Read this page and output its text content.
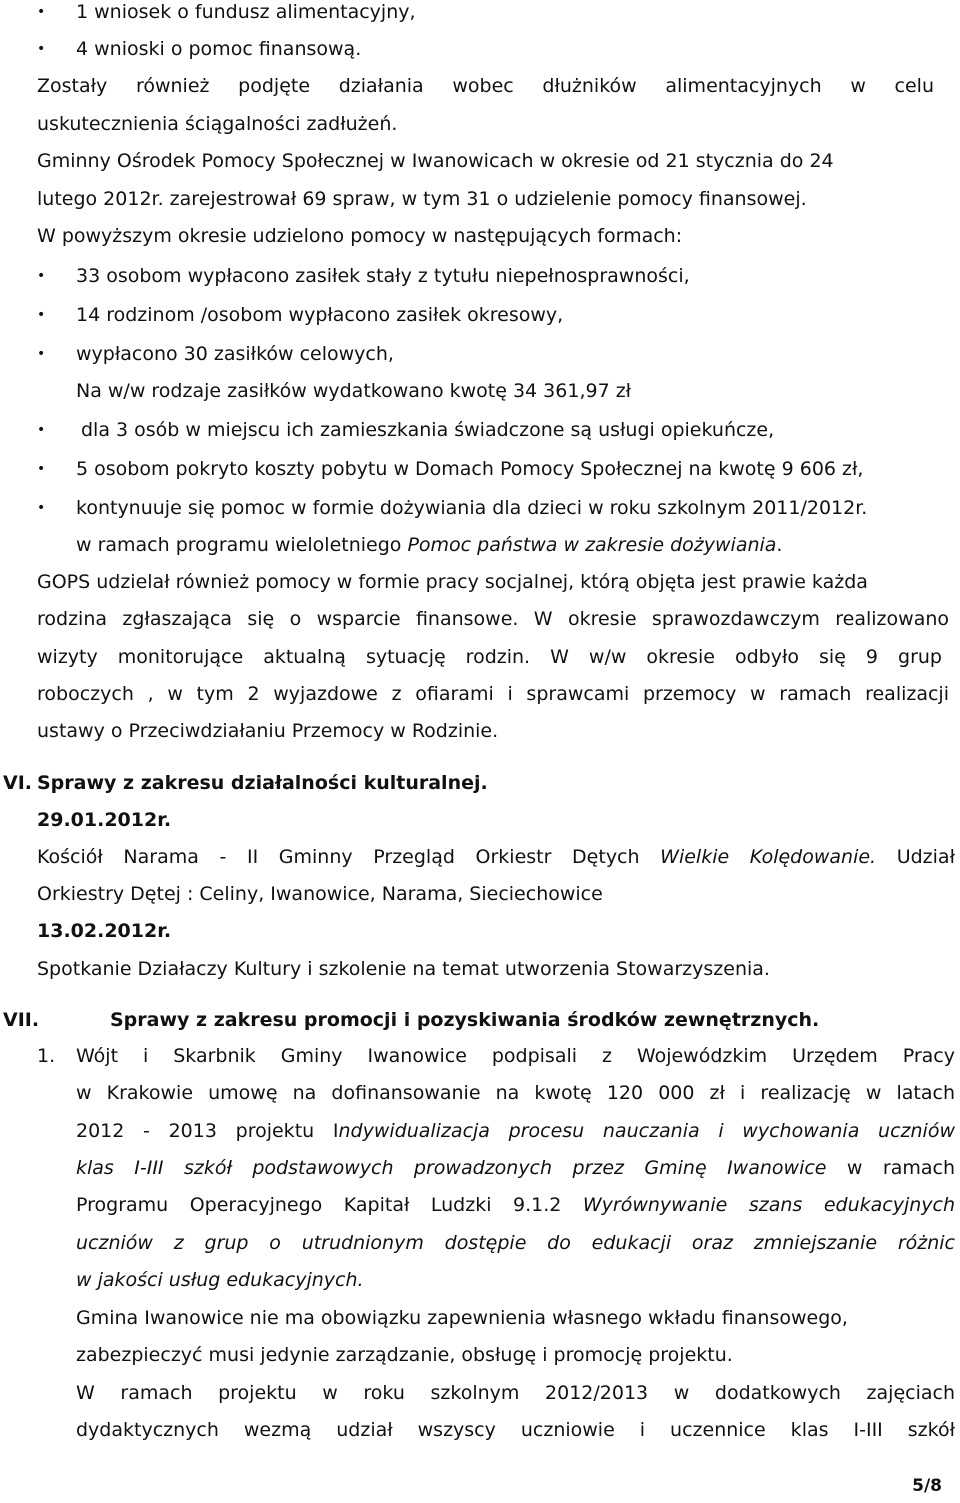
• 1 wniosek o fundusz alimentacyjny,
• 4 wnioski o pomoc finansową.
Zostały również podjęte działania wobec dłużników alimentacyjnych w celu
uskutecznienia ściągalności zadłużeń.
Gminny Ośrodek Pomocy Społecznej w Iwanowicach w okresie od 21 stycznia do 24
lutego 2012r. zarejestrował 69 spraw, w tym 31 o udzielenie pomocy finansowej.
W powyższym okresie udzielono pomocy w następujących formach:
• 33 osobom wypłacono zasiłek stały z tytułu niepełnosprawności,
• 14 rodzinom /osobom wypłacono zasiłek okresowy,
• wypłacono 30 zasiłków celowych,
Na w/w rodzaje zasiłków wydatkowano kwotę 34 361,97 zł
• dla 3 osób w miejscu ich zamieszkania świadczone są usługi opiekuńcze,
• 5 osobom pokryto koszty pobytu w Domach Pomocy Społecznej na kwotę 9 606 zł,
• kontynuuje się pomoc w formie dożywiania dla dzieci w roku szkolnym 2011/2012r.
w ramach programu wieloletniego Pomoc państwa w zakresie dożywiania.
GOPS udzielał również pomocy w formie pracy socjalnej, którą objęta jest prawie każda
rodzina zgłaszająca się o wsparcie finansowe. W okresie sprawozdawczym realizowano
wizyty monitorujące aktualną sytuację rodzin. W w/w okresie odbyło się 9 grup
roboczych , w tym 2 wyjazdowe z ofiarami i sprawcami przemocy w ramach realizacji
ustawy o Przeciwdziałaniu Przemocy w Rodzinie.
VI. Sprawy z zakresu działalności kulturalnej.
29.01.2012r.
Kościół Narama - II Gminny Przegląd Orkiestr Dętych Wielkie Kolędowanie. Udział
Orkiestry Dętej : Celiny, Iwanowice, Narama, Sieciechowice
13.02.2012r.
Spotkanie Działaczy Kultury i szkolenie na temat utworzenia Stowarzyszenia.
VII.	Sprawy z zakresu promocji i pozyskiwania środków zewnętrznych.
1. Wójt i Skarbnik Gminy Iwanowice podpisali z Wojewódzkim Urzędem Pracy
w Krakowie umowę na dofinansowanie na kwotę 120 000 zł i realizację w latach
2012 - 2013 projektu Indywidualizacja procesu nauczania i wychowania uczniów
klas I-III szkół podstawowych prowadzonych przez Gminę Iwanowice w ramach
Programu Operacyjnego Kapitał Ludzki 9.1.2 Wyrównywanie szans edukacyjnych
uczniów z grup o utrudnionym dostępie do edukacji oraz zmniejszanie różnic
w jakości usług edukacyjnych.
Gmina Iwanowice nie ma obowiązku zapewnienia własnego wkładu finansowego,
zabezpieczyć musi jedynie zarządzanie, obsługę i promocję projektu.
W ramach projektu w roku szkolnym 2012/2013 w dodatkowych zajęciach
dydaktycznych wezmą udział wszyscy uczniowie i uczennice klas I-III szkół
5/8
